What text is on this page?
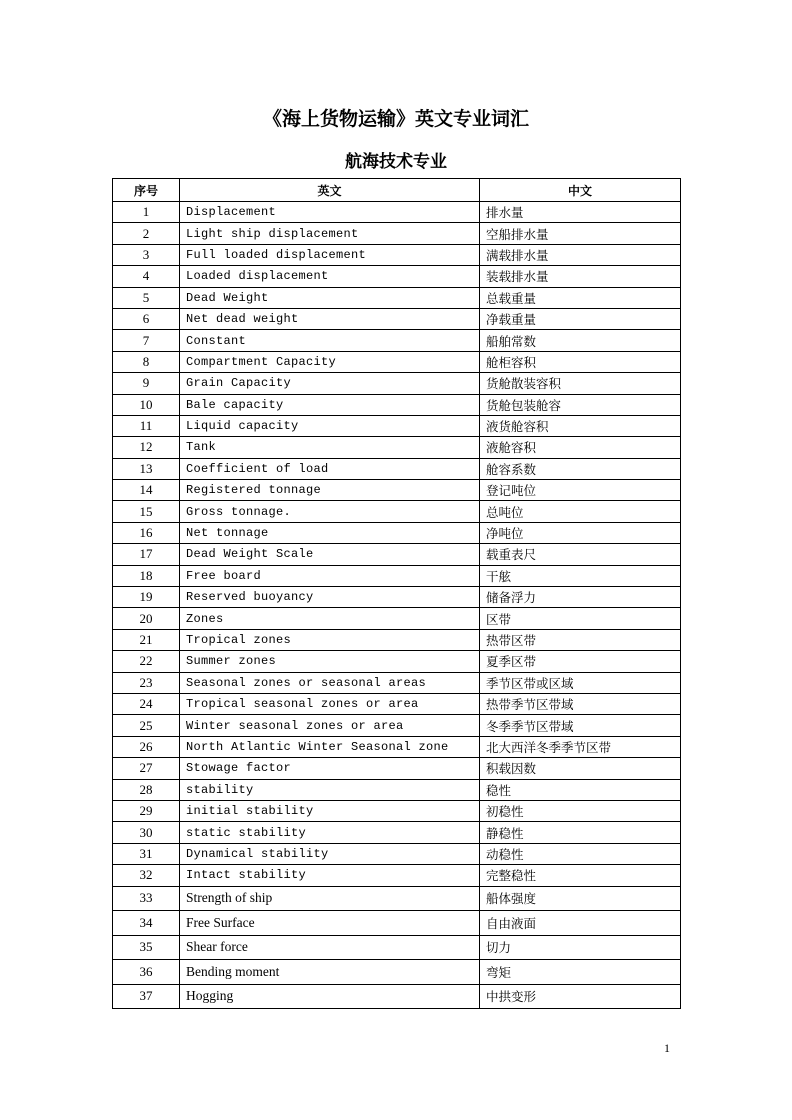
《海上货物运输》英文专业词汇
航海技术专业
序号	英文	中文
1	Displacement	排水量
2	Light ship displacement	空船排水量
3	Full loaded displacement	满载排水量
4	Loaded displacement	装载排水量
5	Dead Weight	总载重量
6	Net dead weight	净载重量
7	Constant	船舶常数
8	Compartment Capacity	舱柜容积
9	Grain Capacity	货舱散装容积
10	Bale capacity	货舱包装舱容
11	Liquid capacity	液货舱容积
12	Tank	液舱容积
13	Coefficient of load	舱容系数
14	Registered tonnage	登记吨位
15	Gross tonnage.	总吨位
16	Net tonnage	净吨位
17	Dead Weight Scale	载重表尺
18	Free board	干舷
19	Reserved buoyancy	储备浮力
20	Zones	区带
21	Tropical zones	热带区带
22	Summer zones	夏季区带
23	Seasonal zones or seasonal areas	季节区带或区域
24	Tropical seasonal zones or area	热带季节区带域
25	Winter seasonal zones or area	冬季季节区带域
26	North Atlantic Winter Seasonal zone	北大西洋冬季季节区带
27	Stowage factor	积载因数
28	stability	稳性
29	initial stability	初稳性
30	static stability	静稳性
31	Dynamical stability	动稳性
32	Intact stability	完整稳性
33	Strength of ship	船体强度
34	Free Surface	自由液面
35	Shear force	切力
36	Bending moment	弯矩
37	Hogging	中拱变形
1
